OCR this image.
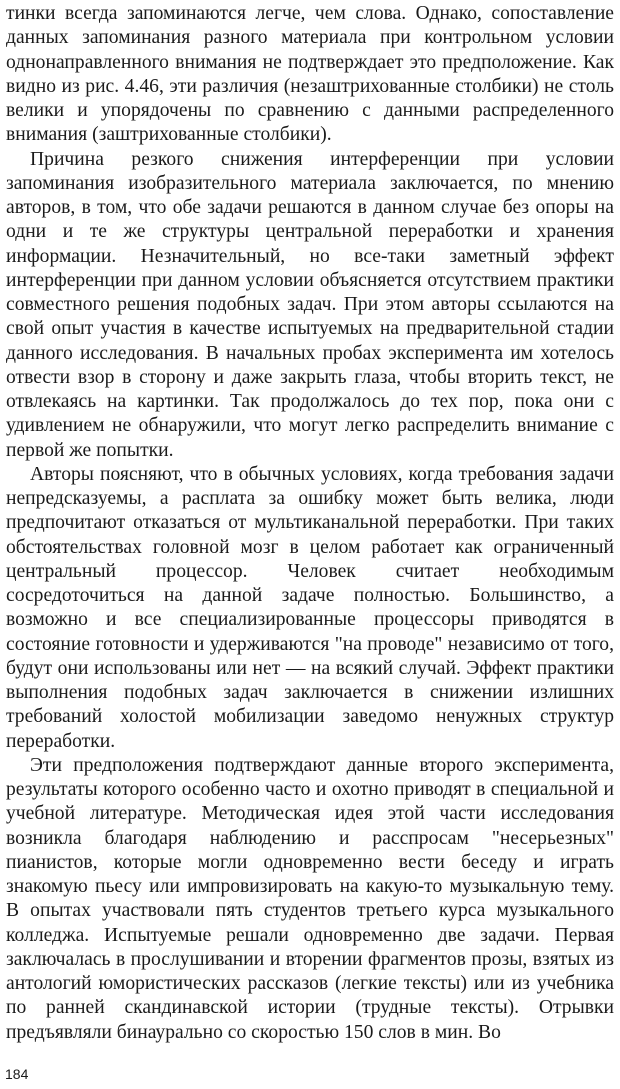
тинки всегда запоминаются легче, чем слова. Однако, сопоставление данных запоминания разного материала при контрольном условии однонаправленного внимания не подтверждает это предположение. Как видно из рис. 4.46, эти различия (незаштрихованные столбики) не столь велики и упорядочены по сравнению с данными распределенного внимания (заштрихованные столбики).

Причина резкого снижения интерференции при условии запоминания изобразительного материала заключается, по мнению авторов, в том, что обе задачи решаются в данном случае без опоры на одни и те же структуры центральной переработки и хранения информации. Незначительный, но все-таки заметный эффект интерференции при данном условии объясняется отсутствием практики совместного решения подобных задач. При этом авторы ссылаются на свой опыт участия в качестве испытуемых на предварительной стадии данного исследования. В начальных пробах эксперимента им хотелось отвести взор в сторону и даже закрыть глаза, чтобы вторить текст, не отвлекаясь на картинки. Так продолжалось до тех пор, пока они с удивлением не обнаружили, что могут легко распределить внимание с первой же попытки.

Авторы поясняют, что в обычных условиях, когда требования задачи непредсказуемы, а расплата за ошибку может быть велика, люди предпочитают отказаться от мультиканальной переработки. При таких обстоятельствах головной мозг в целом работает как ограниченный центральный процессор. Человек считает необходимым сосредоточиться на данной задаче полностью. Большинство, а возможно и все специализированные процессоры приводятся в состояние готовности и удерживаются "на проводе" независимо от того, будут они использованы или нет — на всякий случай. Эффект практики выполнения подобных задач заключается в снижении излишних требований холостой мобилизации заведомо ненужных структур переработки.

Эти предположения подтверждают данные второго эксперимента, результаты которого особенно часто и охотно приводят в специальной и учебной литературе. Методическая идея этой части исследования возникла благодаря наблюдению и расспросам "несерьезных" пианистов, которые могли одновременно вести беседу и играть знакомую пьесу или импровизировать на какую-то музыкальную тему. В опытах участвовали пять студентов третьего курса музыкального колледжа. Испытуемые решали одновременно две задачи. Первая заключалась в прослушивании и вторении фрагментов прозы, взятых из антологий юмористических рассказов (легкие тексты) или из учебника по ранней скандинавской истории (трудные тексты). Отрывки предъявляли бинаурально со скоростью 150 слов в мин. Во

184
